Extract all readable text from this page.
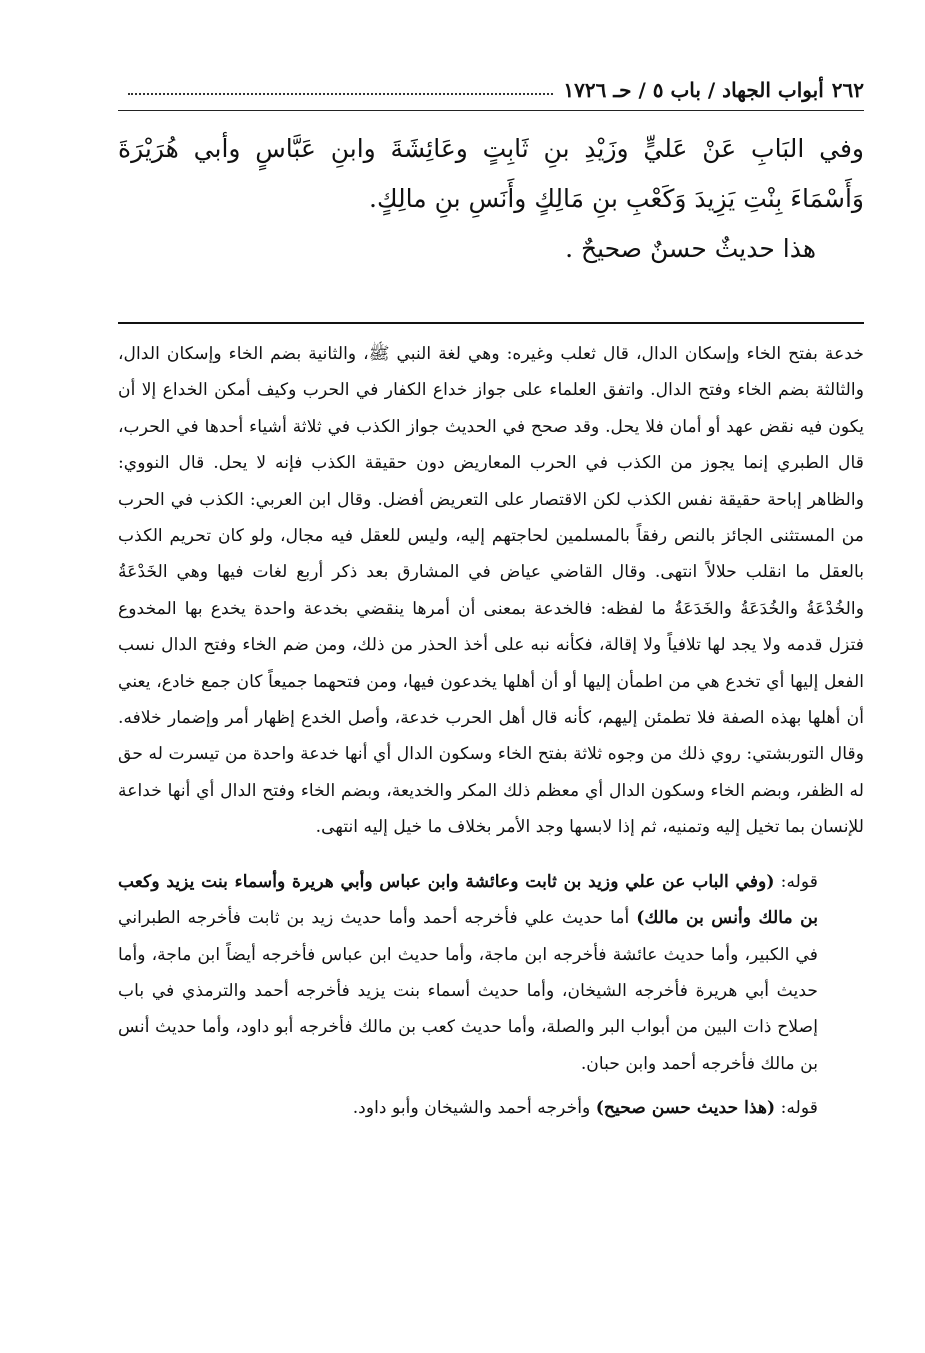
٢٦٢
أبواب الجهاد / باب ٥ / حـ ١٧٢٦

وفي البَابِ عَنْ عَليٍّ وزَيْدِ بنِ ثَابِتٍ وعَائِشَةَ وابنِ عَبَّاسٍ وأبي هُرَيْرَةَ وَأَسْمَاءَ بِنْتِ يَزِيدَ وَكَعْبِ بنِ مَالِكٍ وأَنَسِ بنِ مالِكٍ.

هذا حديثٌ حسنٌ صحيحٌ .

خدعة بفتح الخاء وإسكان الدال، قال ثعلب وغيره: وهي لغة النبي ﷺ، والثانية بضم الخاء وإسكان الدال، والثالثة بضم الخاء وفتح الدال. واتفق العلماء على جواز خداع الكفار في الحرب وكيف أمكن الخداع إلا أن يكون فيه نقض عهد أو أمان فلا يحل. وقد صحح في الحديث جواز الكذب في ثلاثة أشياء أحدها في الحرب، قال الطبري إنما يجوز من الكذب في الحرب المعاريض دون حقيقة الكذب فإنه لا يحل. قال النووي: والظاهر إباحة حقيقة نفس الكذب لكن الاقتصار على التعريض أفضل. وقال ابن العربي: الكذب في الحرب من المستثنى الجائز بالنص رفقاً بالمسلمين لحاجتهم إليه، وليس للعقل فيه مجال، ولو كان تحريم الكذب بالعقل ما انقلب حلالاً انتهى. وقال القاضي عياض في المشارق بعد ذكر أربع لغات فيها وهي الخَدْعَةُ والخُدْعَةُ والخُدَعَةُ والخَدَعَةُ ما لفظه: فالخدعة بمعنى أن أمرها ينقضي بخدعة واحدة يخدع بها المخدوع فتزل قدمه ولا يجد لها تلافياً ولا إقالة، فكأنه نبه على أخذ الحذر من ذلك، ومن ضم الخاء وفتح الدال نسب الفعل إليها أي تخدع هي من اطمأن إليها أو أن أهلها يخدعون فيها، ومن فتحهما جميعاً كان جمع خادع، يعني أن أهلها بهذه الصفة فلا تطمئن إليهم، كأنه قال أهل الحرب خدعة، وأصل الخدع إظهار أمر وإضمار خلافه. وقال التوربشتي: روي ذلك من وجوه ثلاثة بفتح الخاء وسكون الدال أي أنها خدعة واحدة من تيسرت له حق له الظفر، وبضم الخاء وسكون الدال أي معظم ذلك المكر والخديعة، وبضم الخاء وفتح الدال أي أنها خداعة للإنسان بما تخيل إليه وتمنيه، ثم إذا لابسها وجد الأمر بخلاف ما خيل إليه انتهى.

قوله: (وفي الباب عن علي وزيد بن ثابت وعائشة وابن عباس وأبي هريرة وأسماء بنت يزيد وكعب بن مالك وأنس بن مالك) أما حديث علي فأخرجه أحمد وأما حديث زيد بن ثابت فأخرجه الطبراني في الكبير، وأما حديث عائشة فأخرجه ابن ماجة، وأما حديث ابن عباس فأخرجه أيضاً ابن ماجة، وأما حديث أبي هريرة فأخرجه الشيخان، وأما حديث أسماء بنت يزيد فأخرجه أحمد والترمذي في باب إصلاح ذات البين من أبواب البر والصلة، وأما حديث كعب بن مالك فأخرجه أبو داود، وأما حديث أنس بن مالك فأخرجه أحمد وابن حبان.

قوله: (هذا حديث حسن صحيح) وأخرجه أحمد والشيخان وأبو داود.
